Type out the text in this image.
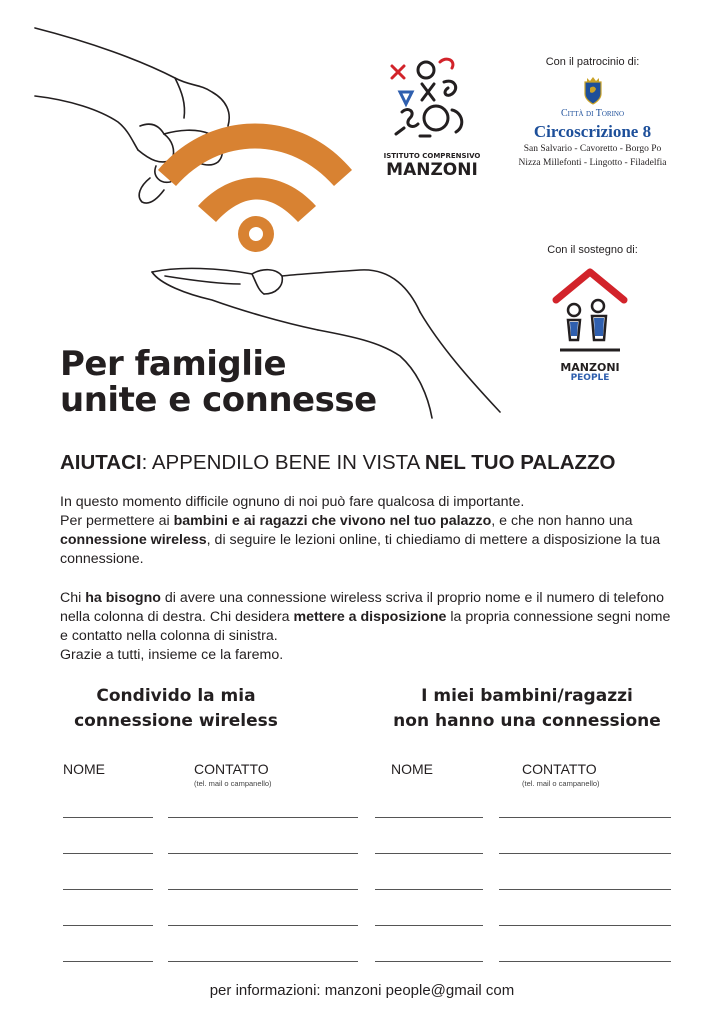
ISTITUTO COMPRENSIVO
MANZONI
Con il patrocinio di:
Città di Torino
Circoscrizione 8
San Salvario - Cavoretto - Borgo Po
Nizza Millefonti - Lingotto - Filadelfia
Con il sostegno di:
MANZONI
PEOPLE
Per famiglie
unite e connesse
AIUTACI: APPENDILO BENE IN VISTA NEL TUO PALAZZO
In questo momento difficile ognuno di noi può fare qualcosa di importante.
Per permettere ai bambini e ai ragazzi che vivono nel tuo palazzo, e che non hanno una connessione wireless, di seguire le lezioni online, ti chiediamo di mettere a disposizione la tua connessione.
Chi ha bisogno di avere una connessione wireless scriva il proprio nome e il numero di telefono nella colonna di destra. Chi desidera mettere a disposizione la propria connessione segni nome e contatto nella colonna di sinistra.
Grazie a tutti, insieme ce la faremo.
Condivido la mia
connessione wireless
I miei bambini/ragazzi
non hanno una connessione
NOME	CONTATTO
(tel. mail o campanello)
NOME	CONTATTO
(tel. mail o campanello)
per informazioni: manzoni people@gmail com
